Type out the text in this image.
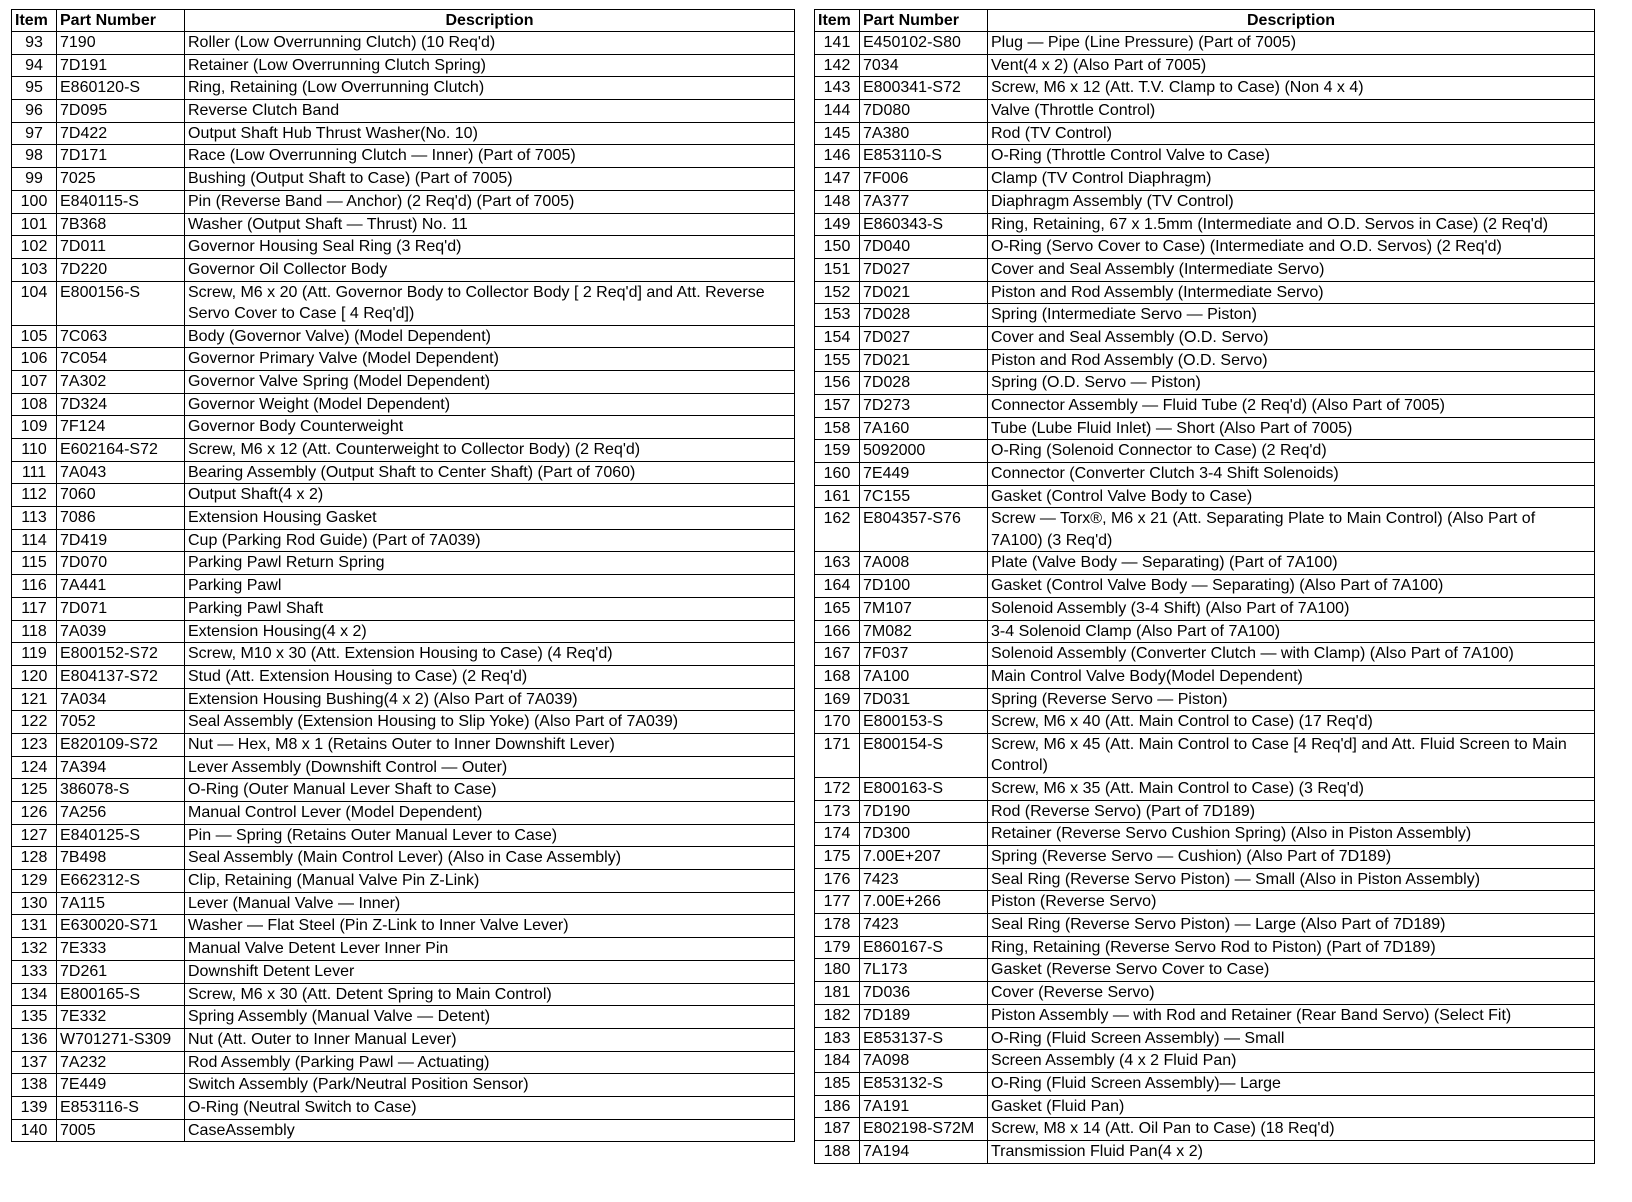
Item	Part Number	Description
93	7190	Roller (Low Overrunning Clutch) (10 Req'd)
94	7D191	Retainer (Low Overrunning Clutch Spring)
95	E860120-S	Ring, Retaining (Low Overrunning Clutch)
96	7D095	Reverse Clutch Band
97	7D422	Output Shaft Hub Thrust Washer(No. 10)
98	7D171	Race (Low Overrunning Clutch — Inner) (Part of 7005)
99	7025	Bushing (Output Shaft to Case) (Part of 7005)
100	E840115-S	Pin (Reverse Band — Anchor) (2 Req'd) (Part of 7005)
101	7B368	Washer (Output Shaft — Thrust) No. 11
102	7D011	Governor Housing Seal Ring (3 Req'd)
103	7D220	Governor Oil Collector Body
104	E800156-S	Screw, M6 x 20 (Att. Governor Body to Collector Body [ 2 Req'd] and Att. Reverse Servo Cover to Case [ 4 Req'd])
105	7C063	Body (Governor Valve) (Model Dependent)
106	7C054	Governor Primary Valve (Model Dependent)
107	7A302	Governor Valve Spring (Model Dependent)
108	7D324	Governor Weight (Model Dependent)
109	7F124	Governor Body Counterweight
110	E602164-S72	Screw, M6 x 12 (Att. Counterweight to Collector Body) (2 Req'd)
111	7A043	Bearing Assembly (Output Shaft to Center Shaft) (Part of 7060)
112	7060	Output Shaft(4 x 2)
113	7086	Extension Housing Gasket
114	7D419	Cup (Parking Rod Guide) (Part of 7A039)
115	7D070	Parking Pawl Return Spring
116	7A441	Parking Pawl
117	7D071	Parking Pawl Shaft
118	7A039	Extension Housing(4 x 2)
119	E800152-S72	Screw, M10 x 30 (Att. Extension Housing to Case) (4 Req'd)
120	E804137-S72	Stud (Att. Extension Housing to Case) (2 Req'd)
121	7A034	Extension Housing Bushing(4 x 2) (Also Part of 7A039)
122	7052	Seal Assembly (Extension Housing to Slip Yoke) (Also Part of 7A039)
123	E820109-S72	Nut — Hex, M8 x 1 (Retains Outer to Inner Downshift Lever)
124	7A394	Lever Assembly (Downshift Control — Outer)
125	386078-S	O-Ring (Outer Manual Lever Shaft to Case)
126	7A256	Manual Control Lever (Model Dependent)
127	E840125-S	Pin — Spring (Retains Outer Manual Lever to Case)
128	7B498	Seal Assembly (Main Control Lever) (Also in Case Assembly)
129	E662312-S	Clip, Retaining (Manual Valve Pin Z-Link)
130	7A115	Lever (Manual Valve — Inner)
131	E630020-S71	Washer — Flat Steel (Pin Z-Link to Inner Valve Lever)
132	7E333	Manual Valve Detent Lever Inner Pin
133	7D261	Downshift Detent Lever
134	E800165-S	Screw, M6 x 30 (Att. Detent Spring to Main Control)
135	7E332	Spring Assembly (Manual Valve — Detent)
136	W701271-S309	Nut (Att. Outer to Inner Manual Lever)
137	7A232	Rod Assembly (Parking Pawl — Actuating)
138	7E449	Switch Assembly (Park/Neutral Position Sensor)
139	E853116-S	O-Ring (Neutral Switch to Case)
140	7005	CaseAssembly
Item	Part Number	Description
141	E450102-S80	Plug — Pipe (Line Pressure) (Part of 7005)
142	7034	Vent(4 x 2) (Also Part of 7005)
143	E800341-S72	Screw, M6 x 12 (Att. T.V. Clamp to Case) (Non 4 x 4)
144	7D080	Valve (Throttle Control)
145	7A380	Rod (TV Control)
146	E853110-S	O-Ring (Throttle Control Valve to Case)
147	7F006	Clamp (TV Control Diaphragm)
148	7A377	Diaphragm Assembly (TV Control)
149	E860343-S	Ring, Retaining, 67 x 1.5mm (Intermediate and O.D. Servos in Case) (2 Req'd)
150	7D040	O-Ring (Servo Cover to Case) (Intermediate and O.D. Servos) (2 Req'd)
151	7D027	Cover and Seal Assembly (Intermediate Servo)
152	7D021	Piston and Rod Assembly (Intermediate Servo)
153	7D028	Spring (Intermediate Servo — Piston)
154	7D027	Cover and Seal Assembly (O.D. Servo)
155	7D021	Piston and Rod Assembly (O.D. Servo)
156	7D028	Spring (O.D. Servo — Piston)
157	7D273	Connector Assembly — Fluid Tube (2 Req'd) (Also Part of 7005)
158	7A160	Tube (Lube Fluid Inlet) — Short (Also Part of 7005)
159	5092000	O-Ring (Solenoid Connector to Case) (2 Req'd)
160	7E449	Connector (Converter Clutch 3-4 Shift Solenoids)
161	7C155	Gasket (Control Valve Body to Case)
162	E804357-S76	Screw — Torx®, M6 x 21 (Att. Separating Plate to Main Control) (Also Part of 7A100) (3 Req'd)
163	7A008	Plate (Valve Body — Separating) (Part of 7A100)
164	7D100	Gasket (Control Valve Body — Separating) (Also Part of 7A100)
165	7M107	Solenoid Assembly (3-4 Shift) (Also Part of 7A100)
166	7M082	3-4 Solenoid Clamp (Also Part of 7A100)
167	7F037	Solenoid Assembly (Converter Clutch — with Clamp) (Also Part of 7A100)
168	7A100	Main Control Valve Body(Model Dependent)
169	7D031	Spring (Reverse Servo — Piston)
170	E800153-S	Screw, M6 x 40 (Att. Main Control to Case) (17 Req'd)
171	E800154-S	Screw, M6 x 45 (Att. Main Control to Case [4 Req'd] and Att. Fluid Screen to Main Control)
172	E800163-S	Screw, M6 x 35 (Att. Main Control to Case) (3 Req'd)
173	7D190	Rod (Reverse Servo) (Part of 7D189)
174	7D300	Retainer (Reverse Servo Cushion Spring) (Also in Piston Assembly)
175	7.00E+207	Spring (Reverse Servo — Cushion) (Also Part of 7D189)
176	7423	Seal Ring (Reverse Servo Piston) — Small (Also in Piston Assembly)
177	7.00E+266	Piston (Reverse Servo)
178	7423	Seal Ring (Reverse Servo Piston) — Large (Also Part of 7D189)
179	E860167-S	Ring, Retaining (Reverse Servo Rod to Piston) (Part of 7D189)
180	7L173	Gasket (Reverse Servo Cover to Case)
181	7D036	Cover (Reverse Servo)
182	7D189	Piston Assembly — with Rod and Retainer (Rear Band Servo) (Select Fit)
183	E853137-S	O-Ring (Fluid Screen Assembly) — Small
184	7A098	Screen Assembly (4 x 2 Fluid Pan)
185	E853132-S	O-Ring (Fluid Screen Assembly)— Large
186	7A191	Gasket (Fluid Pan)
187	E802198-S72M	Screw, M8 x 14 (Att. Oil Pan to Case) (18 Req'd)
188	7A194	Transmission Fluid Pan(4 x 2)
